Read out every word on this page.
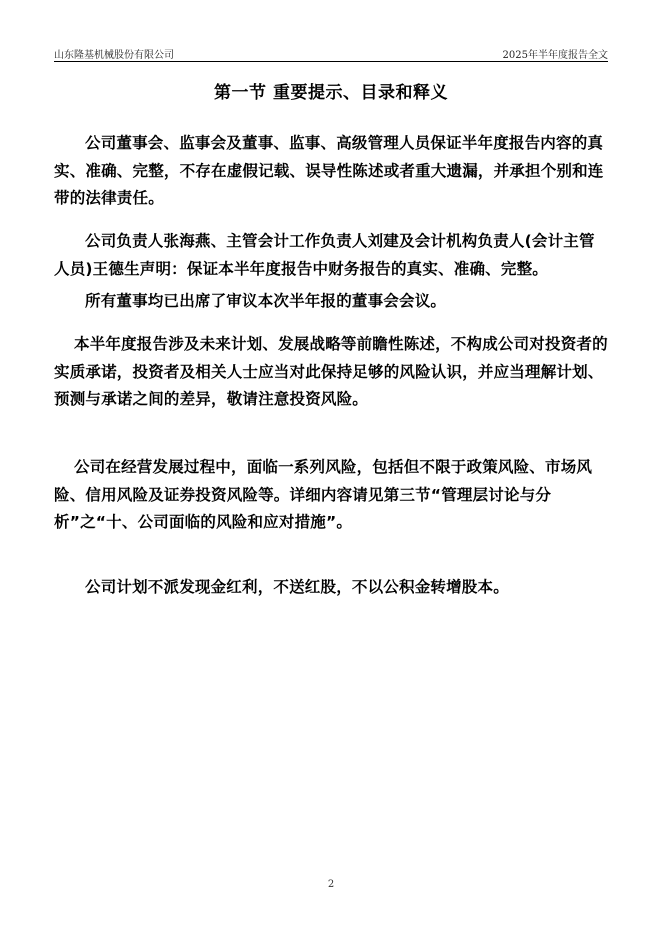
山东隆基机械股份有限公司	2025年半年度报告全文
第一节 重要提示、目录和释义
公司董事会、监事会及董事、监事、高级管理人员保证半年度报告内容的真实、准确、完整，不存在虚假记载、误导性陈述或者重大遗漏，并承担个别和连带的法律责任。
公司负责人张海燕、主管会计工作负责人刘建及会计机构负责人(会计主管人员)王德生声明：保证本半年度报告中财务报告的真实、准确、完整。
所有董事均已出席了审议本次半年报的董事会会议。
本半年度报告涉及未来计划、发展战略等前瞻性陈述，不构成公司对投资者的实质承诺，投资者及相关人士应当对此保持足够的风险认识，并应当理解计划、预测与承诺之间的差异，敬请注意投资风险。
公司在经营发展过程中，面临一系列风险，包括但不限于政策风险、市场风险、信用风险及证券投资风险等。详细内容请见第三节“管理层讨论与分析”之“十、公司面临的风险和应对措施”。
公司计划不派发现金红利，不送红股，不以公积金转增股本。
2
